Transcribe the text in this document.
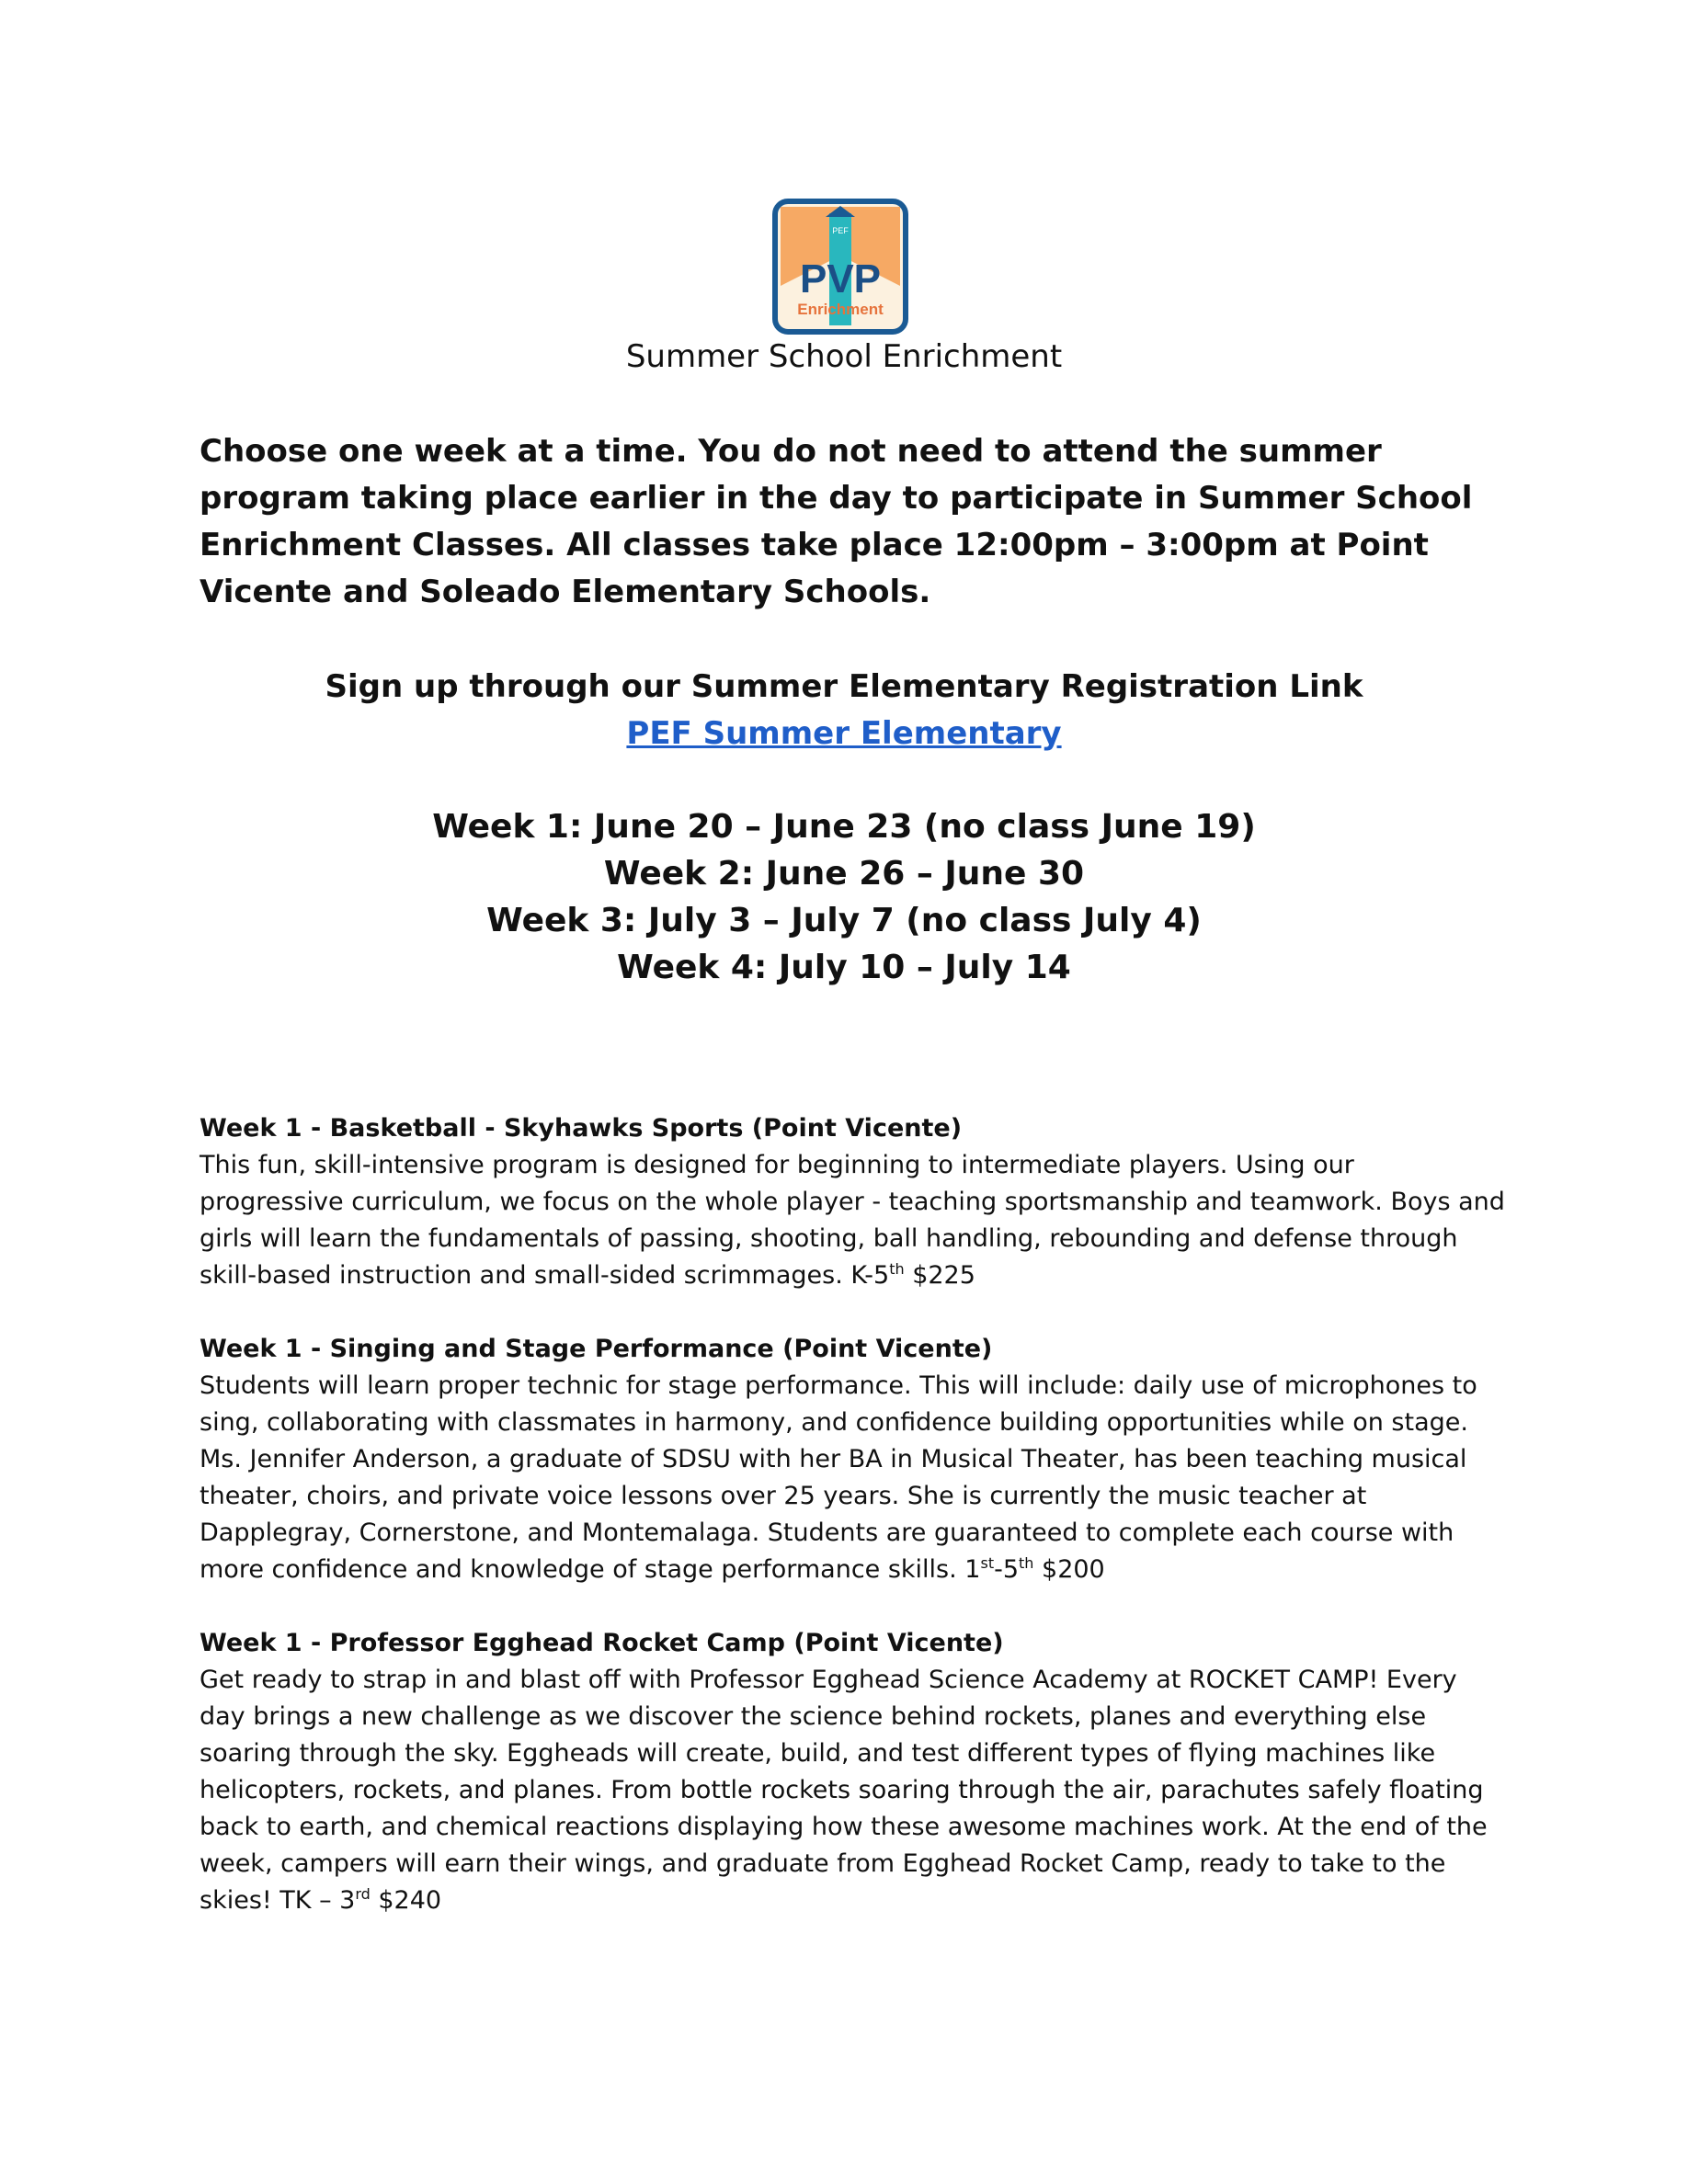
PEF
PVP
Enrichment
Summer School Enrichment

Choose one week at a time. You do not need to attend the summer program taking place earlier in the day to participate in Summer School Enrichment Classes. All classes take place 12:00pm – 3:00pm at Point Vicente and Soleado Elementary Schools.

Sign up through our Summer Elementary Registration Link
PEF Summer Elementary
Week 1: June 20 – June 23 (no class June 19)
Week 2: June 26 – June 30
Week 3: July 3 – July 7 (no class July 4)
Week 4: July 10 – July 14
Week 1 - Basketball - Skyhawks Sports (Point Vicente)
This fun, skill-intensive program is designed for beginning to intermediate players. Using our progressive curriculum, we focus on the whole player - teaching sportsmanship and teamwork. Boys and girls will learn the fundamentals of passing, shooting, ball handling, rebounding and defense through skill-based instruction and small-sided scrimmages. K-5th $225
Week 1 - Singing and Stage Performance (Point Vicente)
Students will learn proper technic for stage performance. This will include: daily use of microphones to sing, collaborating with classmates in harmony, and confidence building opportunities while on stage. Ms. Jennifer Anderson, a graduate of SDSU with her BA in Musical Theater, has been teaching musical theater, choirs, and private voice lessons over 25 years. She is currently the music teacher at Dapplegray, Cornerstone, and Montemalaga. Students are guaranteed to complete each course with more confidence and knowledge of stage performance skills. 1st-5th $200
Week 1 - Professor Egghead Rocket Camp (Point Vicente)
Get ready to strap in and blast off with Professor Egghead Science Academy at ROCKET CAMP! Every day brings a new challenge as we discover the science behind rockets, planes and everything else soaring through the sky. Eggheads will create, build, and test different types of flying machines like helicopters, rockets, and planes. From bottle rockets soaring through the air, parachutes safely floating back to earth, and chemical reactions displaying how these awesome machines work. At the end of the week, campers will earn their wings, and graduate from Egghead Rocket Camp, ready to take to the skies! TK – 3rd $240
